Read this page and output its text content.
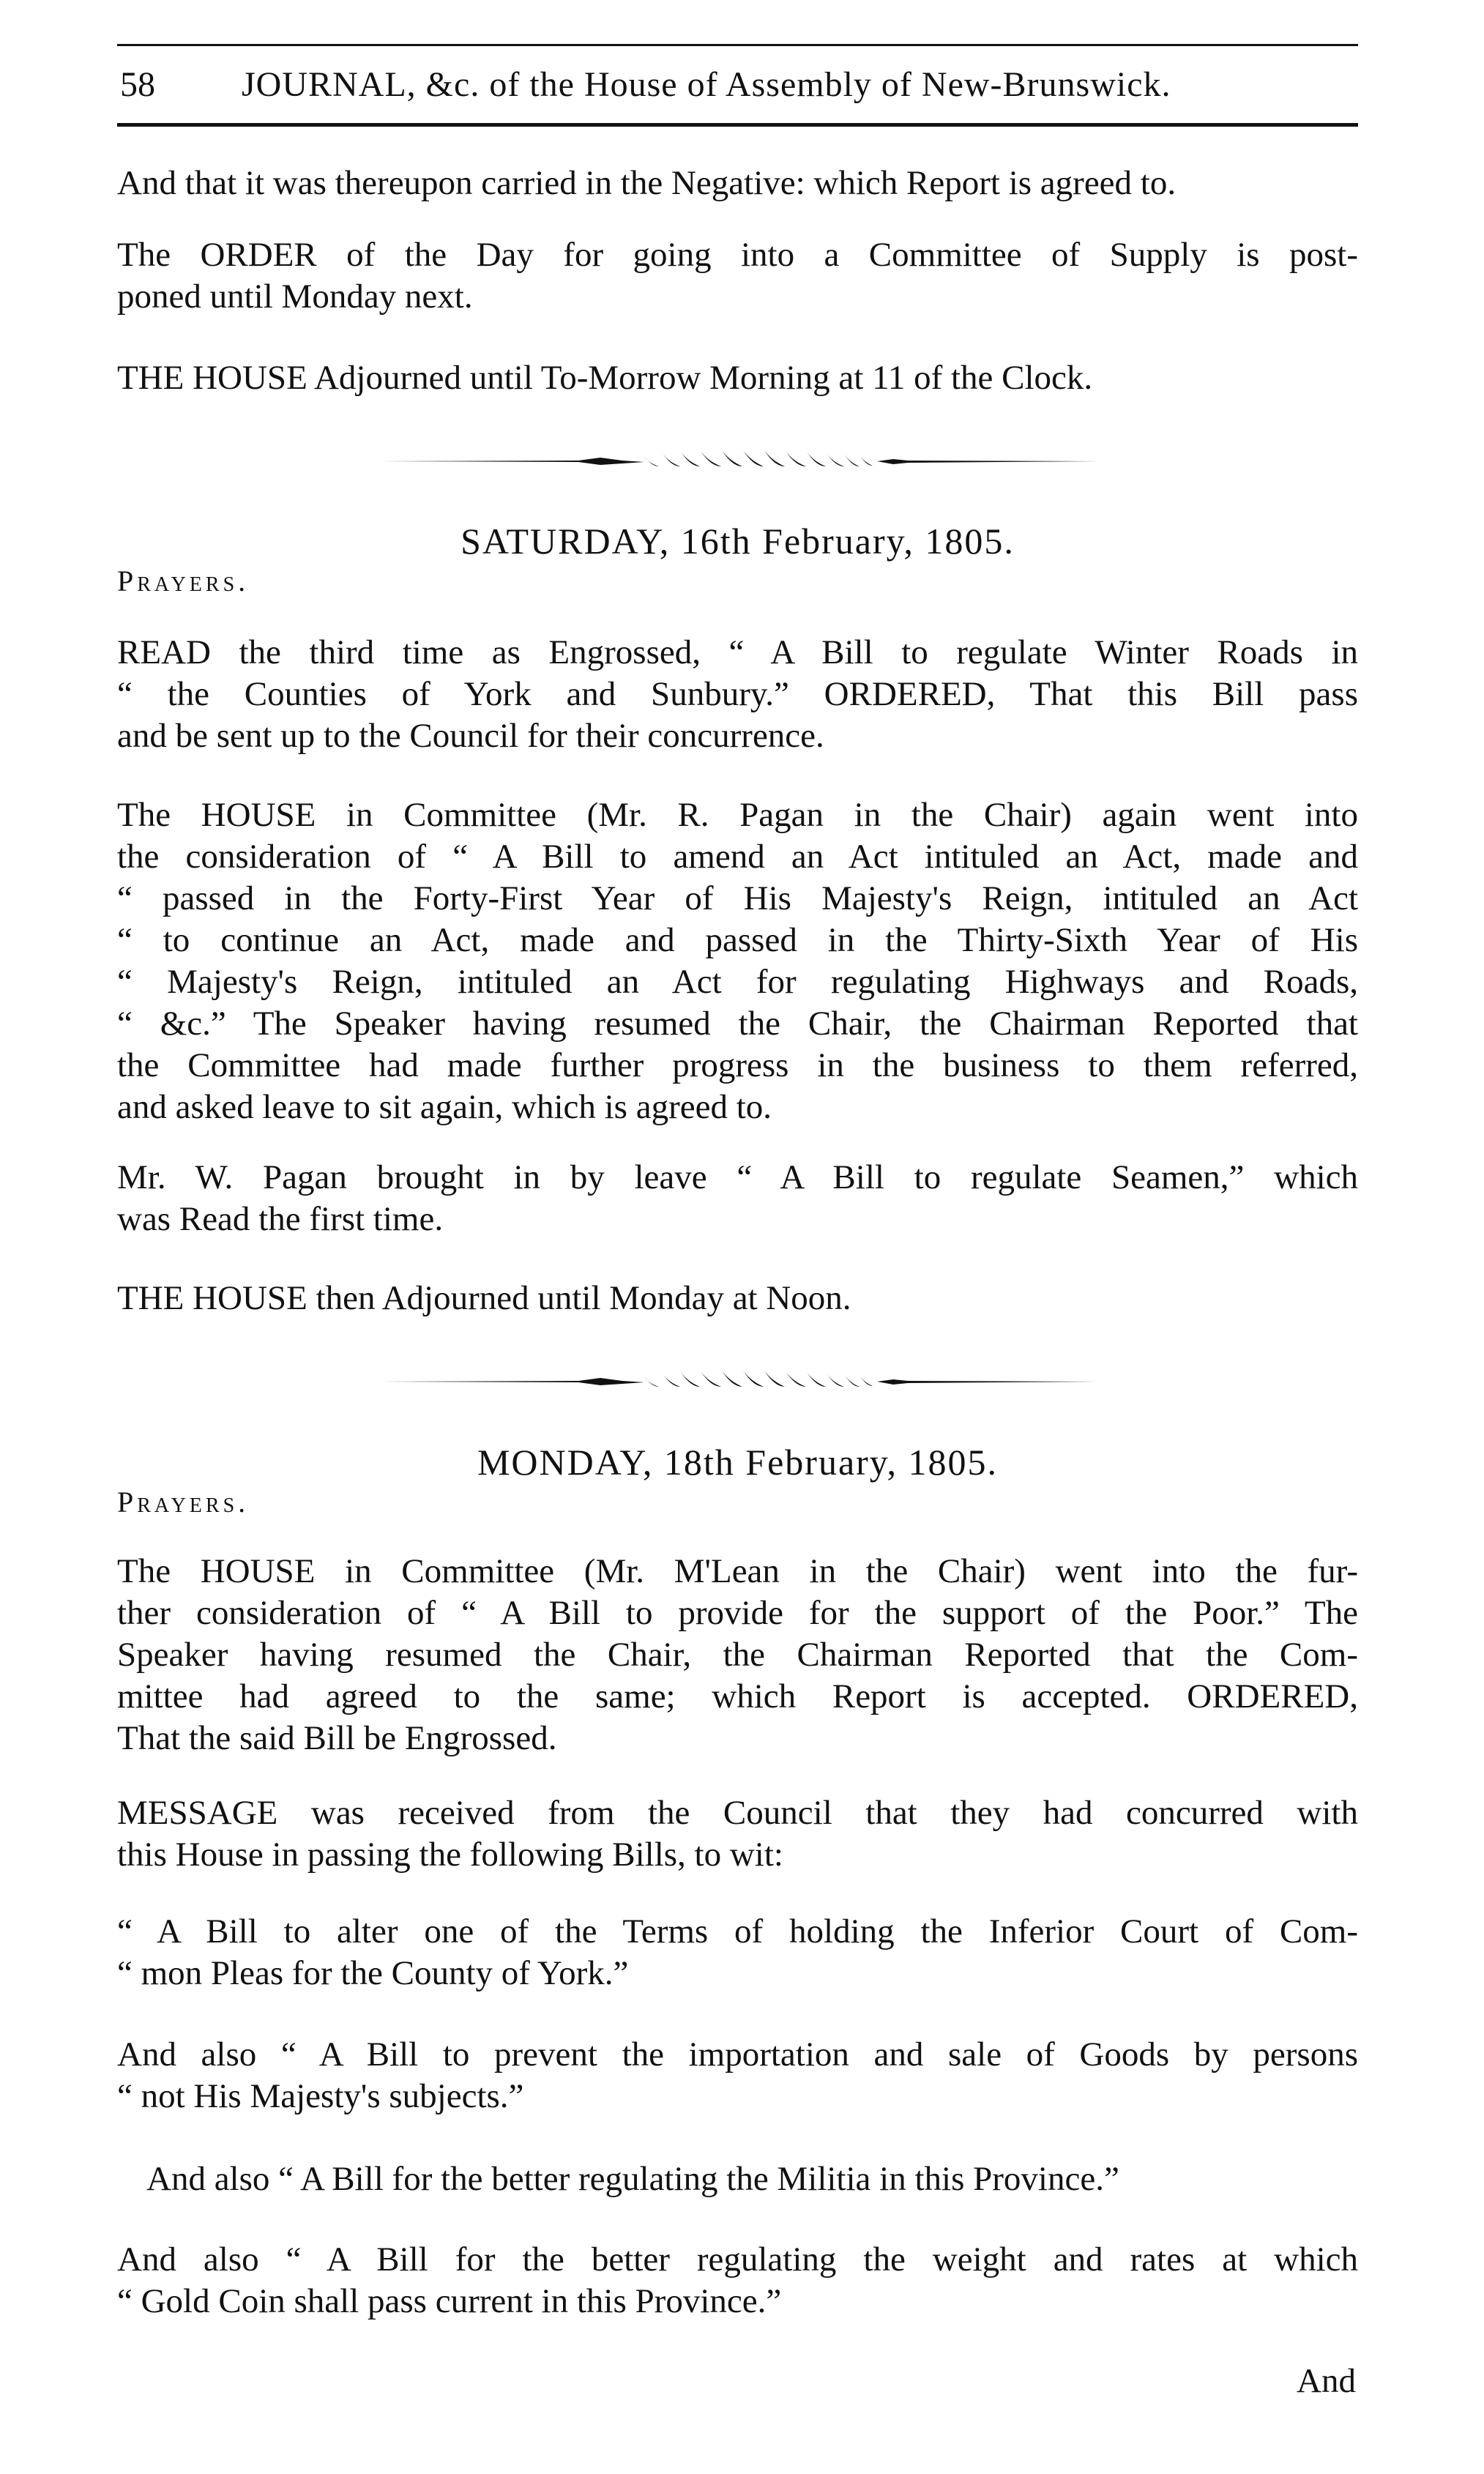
58 JOURNAL, &c. of the House of Assembly of New-Brunswick.
And that it was thereupon carried in the Negative: which Report is agreed to.
The ORDER of the Day for going into a Committee of Supply is post-
poned until Monday next.
THE HOUSE Adjourned until To-Morrow Morning at 11 of the Clock.
SATURDAY, 16th February, 1805.
Prayers.
READ the third time as Engrossed, “ A Bill to regulate Winter Roads in
“ the Counties of York and Sunbury.” ORDERED, That this Bill pass
and be sent up to the Council for their concurrence.
The HOUSE in Committee (Mr. R. Pagan in the Chair) again went into
the consideration of “ A Bill to amend an Act intituled an Act, made and
“ passed in the Forty-First Year of His Majesty's Reign, intituled an Act
“ to continue an Act, made and passed in the Thirty-Sixth Year of His
“ Majesty's Reign, intituled an Act for regulating Highways and Roads,
“ &c.” The Speaker having resumed the Chair, the Chairman Reported that
the Committee had made further progress in the business to them referred,
and asked leave to sit again, which is agreed to.
Mr. W. Pagan brought in by leave “ A Bill to regulate Seamen,” which
was Read the first time.
THE HOUSE then Adjourned until Monday at Noon.
MONDAY, 18th February, 1805.
Prayers.
The HOUSE in Committee (Mr. M'Lean in the Chair) went into the fur-
ther consideration of “ A Bill to provide for the support of the Poor.” The
Speaker having resumed the Chair, the Chairman Reported that the Com-
mittee had agreed to the same; which Report is accepted. ORDERED,
That the said Bill be Engrossed.
MESSAGE was received from the Council that they had concurred with
this House in passing the following Bills, to wit:
“ A Bill to alter one of the Terms of holding the Inferior Court of Com-
“ mon Pleas for the County of York.”
And also “ A Bill to prevent the importation and sale of Goods by persons
“ not His Majesty's subjects.”
And also “ A Bill for the better regulating the Militia in this Province.”
And also “ A Bill for the better regulating the weight and rates at which
“ Gold Coin shall pass current in this Province.”
And
